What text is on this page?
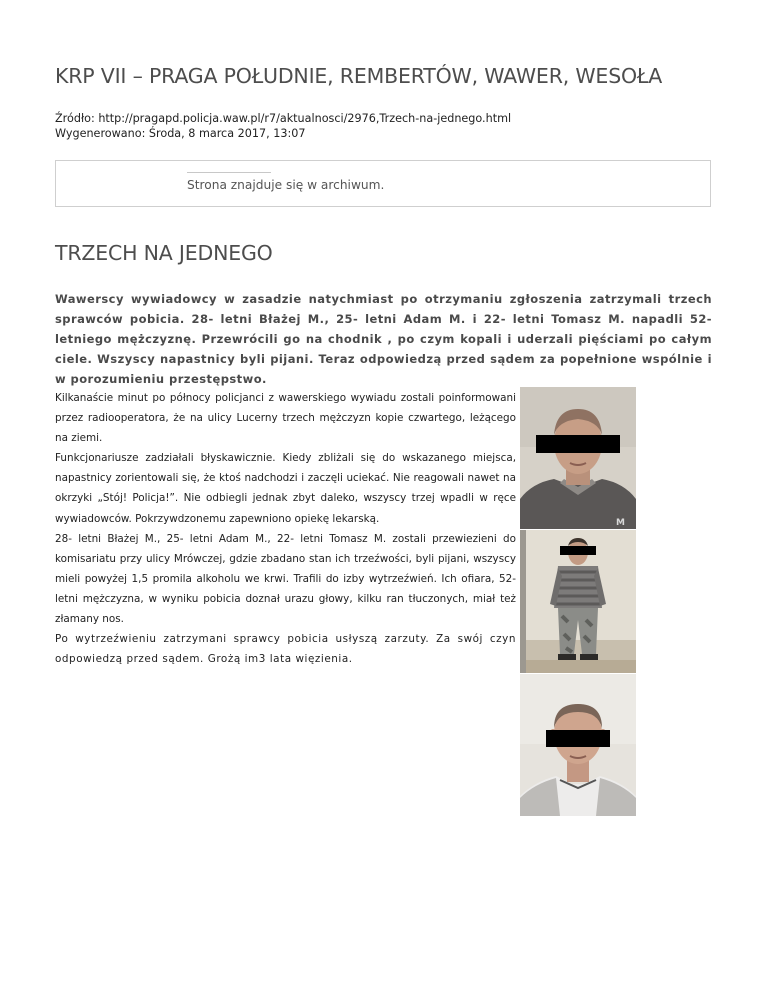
KRP VII – PRAGA POŁUDNIE, REMBERTÓW, WAWER, WESOŁA
Źródło: http://pragapd.policja.waw.pl/r7/aktualnosci/2976,Trzech-na-jednego.html
Wygenerowano: Środa, 8 marca 2017, 13:07
Strona znajduje się w archiwum.
TRZECH NA JEDNEGO

Wawerscy wywiadowcy w zasadzie natychmiast po otrzymaniu zgłoszenia zatrzymali trzech sprawców pobicia. 28- letni Błażej M., 25- letni Adam M. i 22- letni Tomasz M. napadli 52- letniego mężczyznę. Przewrócili go na chodnik , po czym kopali i uderzali pięściami po całym ciele. Wszyscy napastnicy byli pijani. Teraz odpowiedzą przed sądem za popełnione wspólnie i w porozumieniu przestępstwo.

Kilkanaście minut po północy policjanci z wawerskiego wywiadu zostali poinformowani przez radiooperatora, że na ulicy Lucerny trzech mężczyzn kopie czwartego, leżącego na ziemi.

Funkcjonariusze zadziałali błyskawicznie. Kiedy zbliżali się do wskazanego miejsca, napastnicy zorientowali się, że ktoś nadchodzi i zaczęli uciekać. Nie reagowali nawet na okrzyki „Stój! Policja!”. Nie odbiegli jednak zbyt daleko, wszyscy trzej wpadli w ręce wywiadowców. Pokrzywdzonemu zapewniono opiekę lekarską.

28- letni Błażej M., 25- letni Adam M., 22- letni Tomasz M. zostali przewiezieni do komisariatu przy ulicy Mrówczej, gdzie zbadano stan ich trzeźwości, byli pijani, wszyscy mieli powyżej 1,5 promila alkoholu we krwi. Trafili do izby wytrzeźwień. Ich ofiara, 52- letni mężczyzna, w wyniku pobicia doznał urazu głowy, kilku ran tłuczonych, miał też złamany nos.

Po wytrzeźwieniu zatrzymani sprawcy pobicia usłyszą zarzuty. Za swój czyn odpowiedzą przed sądem. Grożą im3 lata więzienia.

M
